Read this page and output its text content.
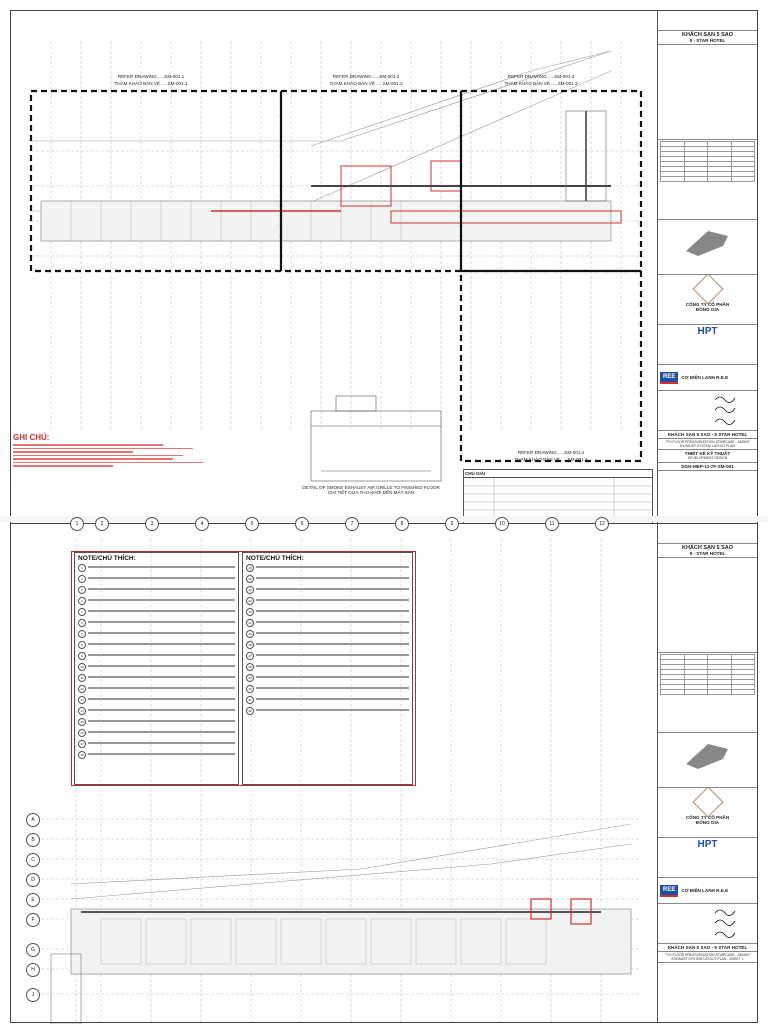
REFER DRAWING .....SM-001.1
THAM KHẢO BẢN VẼ .....SM-001.1
REFER DRAWING .....SM-001.2
THAM KHẢO BẢN VẼ .....SM-001.2
REFER DRAWING .....SM-001.3
THAM KHẢO BẢN VẼ .....SM-001.3
REFER DRAWING .....SM-001.4
THAM KHẢO BẢN VẼ .....SM-001.4
GHI CHÚ:
DETAIL OF SMOKE EXHAUST AIR GRILLE TO FINISHED FLOOR
CHI TIẾT CỬA THU KHÓI ĐẾN MẶT SÀN
CHÚ GIẢI
KHÁCH SẠN 5 SAO
5 - STAR HOTEL

CÔNG TY CỔ PHẦN
ĐỒNG GIA
HPT
REE	CƠ ĐIỆN LẠNH R.E.E
KHÁCH SẠN 5 SAO - 5 STAR HOTEL
7TH FLOOR PRESSURIZATION STAIRCASE - SMOKE EXHAUST SYSTEM LAYOUT PLAN
THIẾT KẾ KỸ THUẬT
DEVELOPMENT DESIGN
DGH-MEP-11-7F-SM-001
NOTE/CHÚ THÍCH:
1
2
3
4
5
6
7
8
9
10
11
12
13
14
15
16
17
18
NOTE/CHÚ THÍCH:
19
20
21
22
23
24
25
26
27
28
29
30
31
32
1	2	3	4	5	6	7	8	9	10	11	12
A
B
C
D
E
F
G
H
J
KHÁCH SẠN 5 SAO
5 - STAR HOTEL

CÔNG TY CỔ PHẦN
ĐỒNG GIA
HPT
REE	CƠ ĐIỆN LẠNH R.E.E
KHÁCH SẠN 5 SAO - 5 STAR HOTEL
7TH FLOOR PRESSURIZATION STAIRCASE - SMOKE EXHAUST SYSTEM LAYOUT PLAN - SHEET 1
